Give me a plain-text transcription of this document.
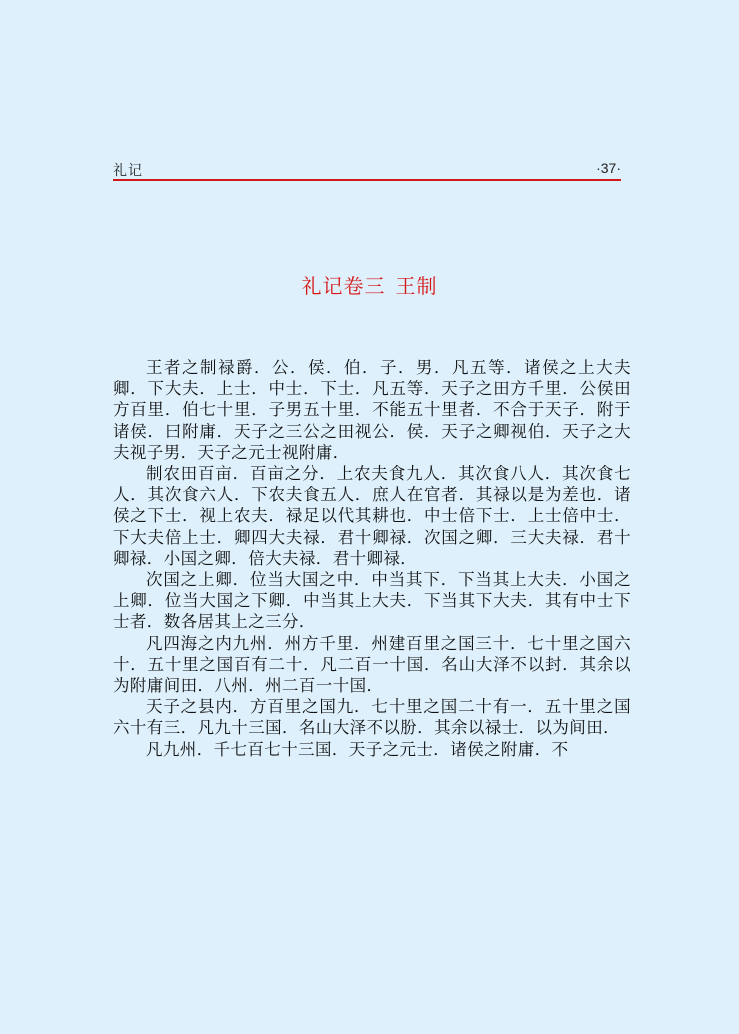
礼记	·37·
礼记卷三 王制

王者之制禄爵．公．侯．伯．子．男．凡五等．诸侯之上大夫卿．下大夫．上士．中士．下士．凡五等．天子之田方千里．公侯田方百里．伯七十里．子男五十里．不能五十里者．不合于天子．附于诸侯．曰附庸．天子之三公之田视公．侯．天子之卿视伯．天子之大夫视子男．天子之元士视附庸．

制农田百亩．百亩之分．上农夫食九人．其次食八人．其次食七人．其次食六人．下农夫食五人．庶人在官者．其禄以是为差也．诸侯之下士．视上农夫．禄足以代其耕也．中士倍下士．上士倍中士．下大夫倍上士．卿四大夫禄．君十卿禄．次国之卿．三大夫禄．君十卿禄．小国之卿．倍大夫禄．君十卿禄．

次国之上卿．位当大国之中．中当其下．下当其上大夫．小国之上卿．位当大国之下卿．中当其上大夫．下当其下大夫．其有中士下士者．数各居其上之三分．

凡四海之内九州．州方千里．州建百里之国三十．七十里之国六十．五十里之国百有二十．凡二百一十国．名山大泽不以封．其余以为附庸间田．八州．州二百一十国．

天子之县内．方百里之国九．七十里之国二十有一．五十里之国六十有三．凡九十三国．名山大泽不以朌．其余以禄士．以为间田．

凡九州．千七百七十三国．天子之元士．诸侯之附庸．不
